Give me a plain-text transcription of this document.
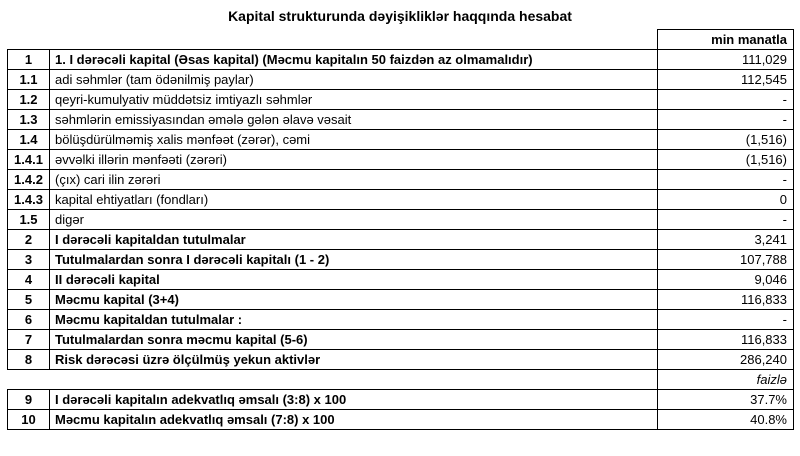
Kapital strukturunda dəyişikliklər haqqında hesabat
		min manatla
1	1. I dərəcəli kapital (Əsas kapital) (Məcmu kapitalın 50 faizdən az olmamalıdır)	111,029
1.1	adi səhmlər (tam ödənilmiş paylar)	112,545
1.2	qeyri-kumulyativ müddətsiz imtiyazlı səhmlər	-
1.3	səhmlərin emissiyasından əmələ gələn əlavə vəsait	-
1.4	bölüşdürülməmiş xalis mənfəət (zərər), cəmi	(1,516)
1.4.1	əvvəlki illərin mənfəəti (zərəri)	(1,516)
1.4.2	(çıx) cari ilin zərəri	-
1.4.3	kapital ehtiyatları (fondları)	0
1.5	digər	-
2	I dərəcəli kapitaldan tutulmalar	3,241
3	Tutulmalardan sonra I dərəcəli kapitalı (1 - 2)	107,788
4	II dərəcəli kapital	9,046
5	Məcmu kapital (3+4)	116,833
6	Məcmu kapitaldan tutulmalar :	-
7	Tutulmalardan sonra məcmu kapital (5-6)	116,833
8	Risk dərəcəsi üzrə ölçülmüş yekun aktivlər	286,240
		faizlə
9	I dərəcəli kapitalın adekvatlıq əmsalı (3:8) x 100	37.7%
10	Məcmu kapitalın adekvatlıq əmsalı (7:8) x 100	40.8%
